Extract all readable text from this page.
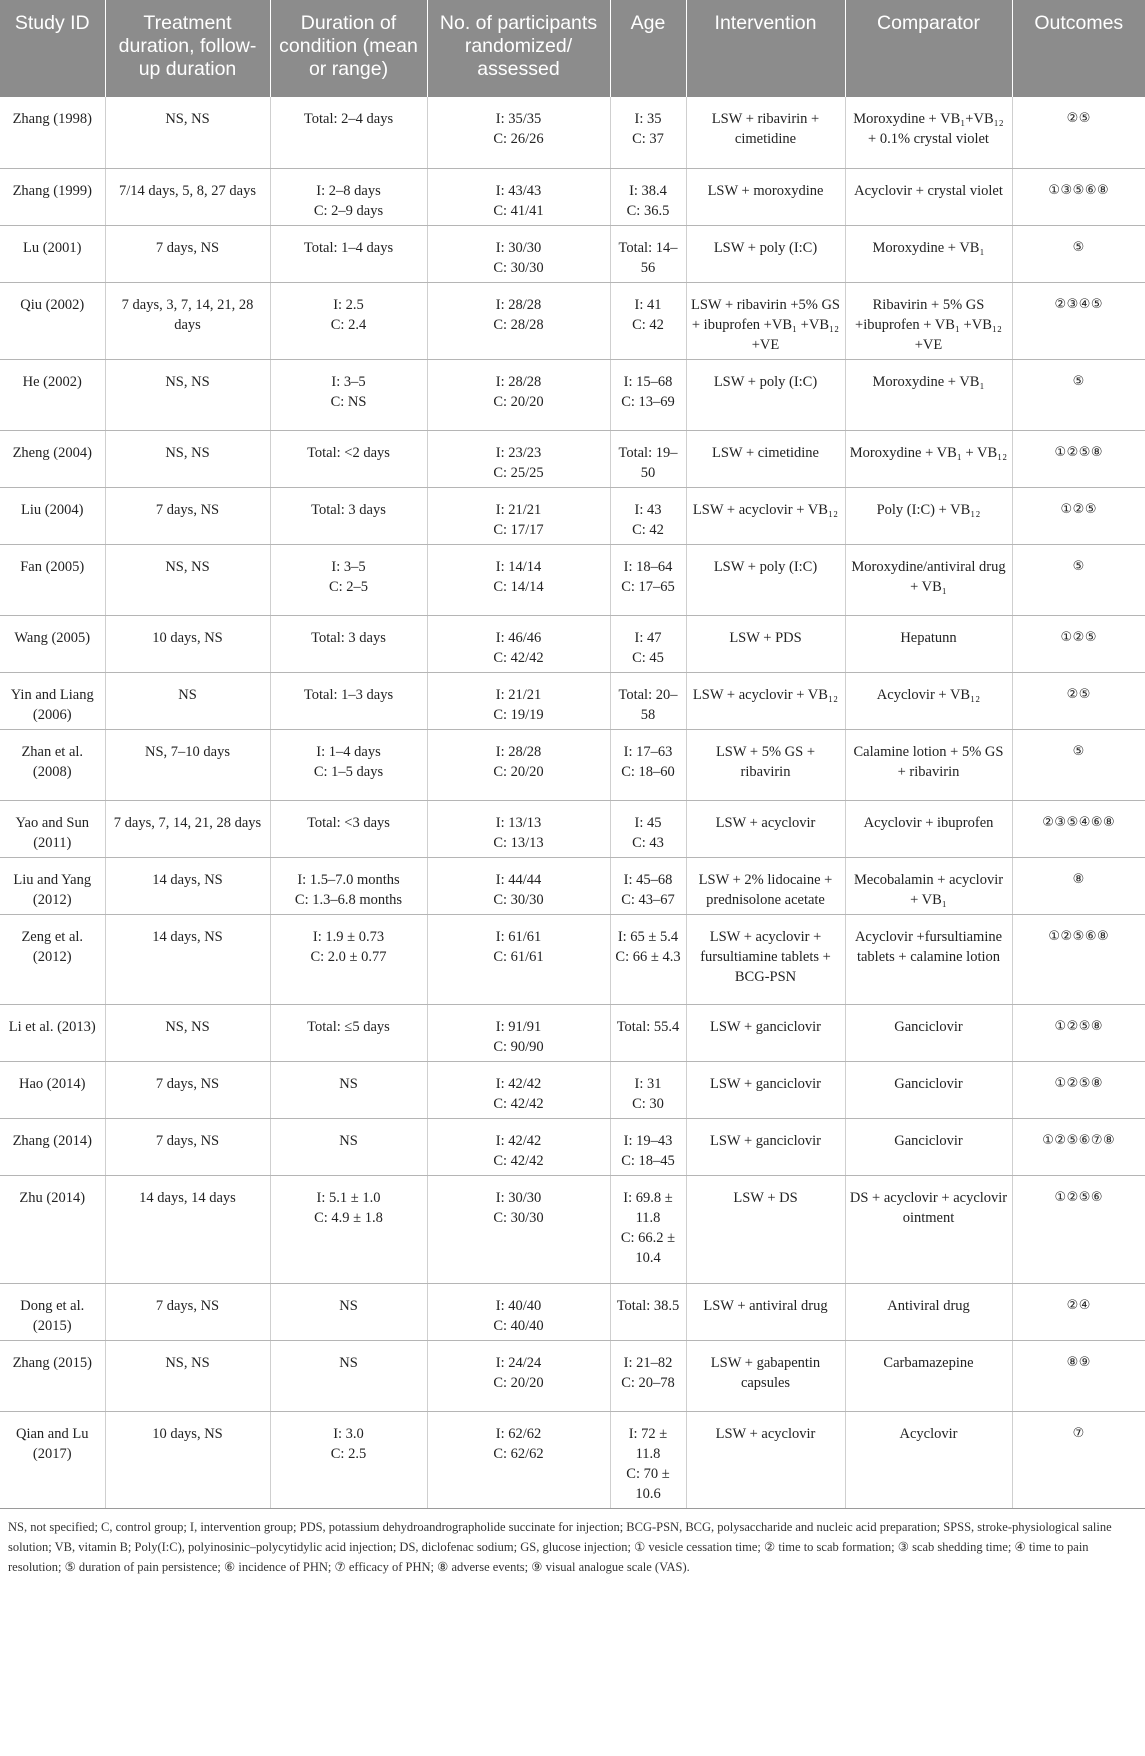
Study ID	Treatment duration, follow-up duration	Duration of condition (mean or range)	No. of participants randomized/ assessed	Age	Intervention	Comparator	Outcomes
Zhang (1998)	NS, NS	Total: 2–4 days	I: 35/35
C: 26/26	I: 35
C: 37	LSW + ribavirin + cimetidine	Moroxydine + VB₁+VB₁₂ + 0.1% crystal violet	②⑤
Zhang (1999)	7/14 days, 5, 8, 27 days	I: 2–8 days
C: 2–9 days	I: 43/43
C: 41/41	I: 38.4
C: 36.5	LSW + moroxydine	Acyclovir + crystal violet	①③⑤⑥⑧
Lu (2001)	7 days, NS	Total: 1–4 days	I: 30/30
C: 30/30	Total: 14–56	LSW + poly (I:C)	Moroxydine + VB₁	⑤
Qiu (2002)	7 days, 3, 7, 14, 21, 28 days	I: 2.5
C: 2.4	I: 28/28
C: 28/28	I: 41
C: 42	LSW + ribavirin +5% GS + ibuprofen +VB₁ +VB₁₂ +VE	Ribavirin + 5% GS +ibuprofen + VB₁ +VB₁₂ +VE	②③④⑤
He (2002)	NS, NS	I: 3–5
C: NS	I: 28/28
C: 20/20	I: 15–68
C: 13–69	LSW + poly (I:C)	Moroxydine + VB₁	⑤
Zheng (2004)	NS, NS	Total: <2 days	I: 23/23
C: 25/25	Total: 19–50	LSW + cimetidine	Moroxydine + VB₁ + VB₁₂	①②⑤⑧
Liu (2004)	7 days, NS	Total: 3 days	I: 21/21
C: 17/17	I: 43
C: 42	LSW + acyclovir + VB₁₂	Poly (I:C) + VB₁₂	①②⑤
Fan (2005)	NS, NS	I: 3–5
C: 2–5	I: 14/14
C: 14/14	I: 18–64
C: 17–65	LSW + poly (I:C)	Moroxydine/antiviral drug + VB₁	⑤
Wang (2005)	10 days, NS	Total: 3 days	I: 46/46
C: 42/42	I: 47
C: 45	LSW + PDS	Hepatunn	①②⑤
Yin and Liang (2006)	NS	Total: 1–3 days	I: 21/21
C: 19/19	Total: 20–58	LSW + acyclovir + VB₁₂	Acyclovir + VB₁₂	②⑤
Zhan et al. (2008)	NS, 7–10 days	I: 1–4 days
C: 1–5 days	I: 28/28
C: 20/20	I: 17–63
C: 18–60	LSW + 5% GS + ribavirin	Calamine lotion + 5% GS + ribavirin	⑤
Yao and Sun (2011)	7 days, 7, 14, 21, 28 days	Total: <3 days	I: 13/13
C: 13/13	I: 45
C: 43	LSW + acyclovir	Acyclovir + ibuprofen	②③⑤④⑥⑧
Liu and Yang (2012)	14 days, NS	I: 1.5–7.0 months
C: 1.3–6.8 months	I: 44/44
C: 30/30	I: 45–68
C: 43–67	LSW + 2% lidocaine + prednisolone acetate	Mecobalamin + acyclovir + VB₁	⑧
Zeng et al. (2012)	14 days, NS	I: 1.9 ± 0.73
C: 2.0 ± 0.77	I: 61/61
C: 61/61	I: 65 ± 5.4
C: 66 ± 4.3	LSW + acyclovir + fursultiamine tablets + BCG-PSN	Acyclovir +fursultiamine tablets + calamine lotion	①②⑤⑥⑧
Li et al. (2013)	NS, NS	Total: ≤5 days	I: 91/91
C: 90/90	Total: 55.4	LSW + ganciclovir	Ganciclovir	①②⑤⑧
Hao (2014)	7 days, NS	NS	I: 42/42
C: 42/42	I: 31
C: 30	LSW + ganciclovir	Ganciclovir	①②⑤⑧
Zhang (2014)	7 days, NS	NS	I: 42/42
C: 42/42	I: 19–43
C: 18–45	LSW + ganciclovir	Ganciclovir	①②⑤⑥⑦⑧
Zhu (2014)	14 days, 14 days	I: 5.1 ± 1.0
C: 4.9 ± 1.8	I: 30/30
C: 30/30	I: 69.8 ± 11.8
C: 66.2 ± 10.4	LSW + DS	DS + acyclovir + acyclovir ointment	①②⑤⑥
Dong et al. (2015)	7 days, NS	NS	I: 40/40
C: 40/40	Total: 38.5	LSW + antiviral drug	Antiviral drug	②④
Zhang (2015)	NS, NS	NS	I: 24/24
C: 20/20	I: 21–82
C: 20–78	LSW + gabapentin capsules	Carbamazepine	⑧⑨
Qian and Lu (2017)	10 days, NS	I: 3.0
C: 2.5	I: 62/62
C: 62/62	I: 72 ± 11.8
C: 70 ± 10.6	LSW + acyclovir	Acyclovir	⑦

NS, not specified; C, control group; I, intervention group; PDS, potassium dehydroandrographolide succinate for injection; BCG-PSN, BCG, polysaccharide and nucleic acid preparation; SPSS, stroke-physiological saline solution; VB, vitamin B; Poly(I:C), polyinosinic–polycytidylic acid injection; DS, diclofenac sodium; GS, glucose injection; ① vesicle cessation time; ② time to scab formation; ③ scab shedding time; ④ time to pain resolution; ⑤ duration of pain persistence; ⑥ incidence of PHN; ⑦ efficacy of PHN; ⑧ adverse events; ⑨ visual analogue scale (VAS).
